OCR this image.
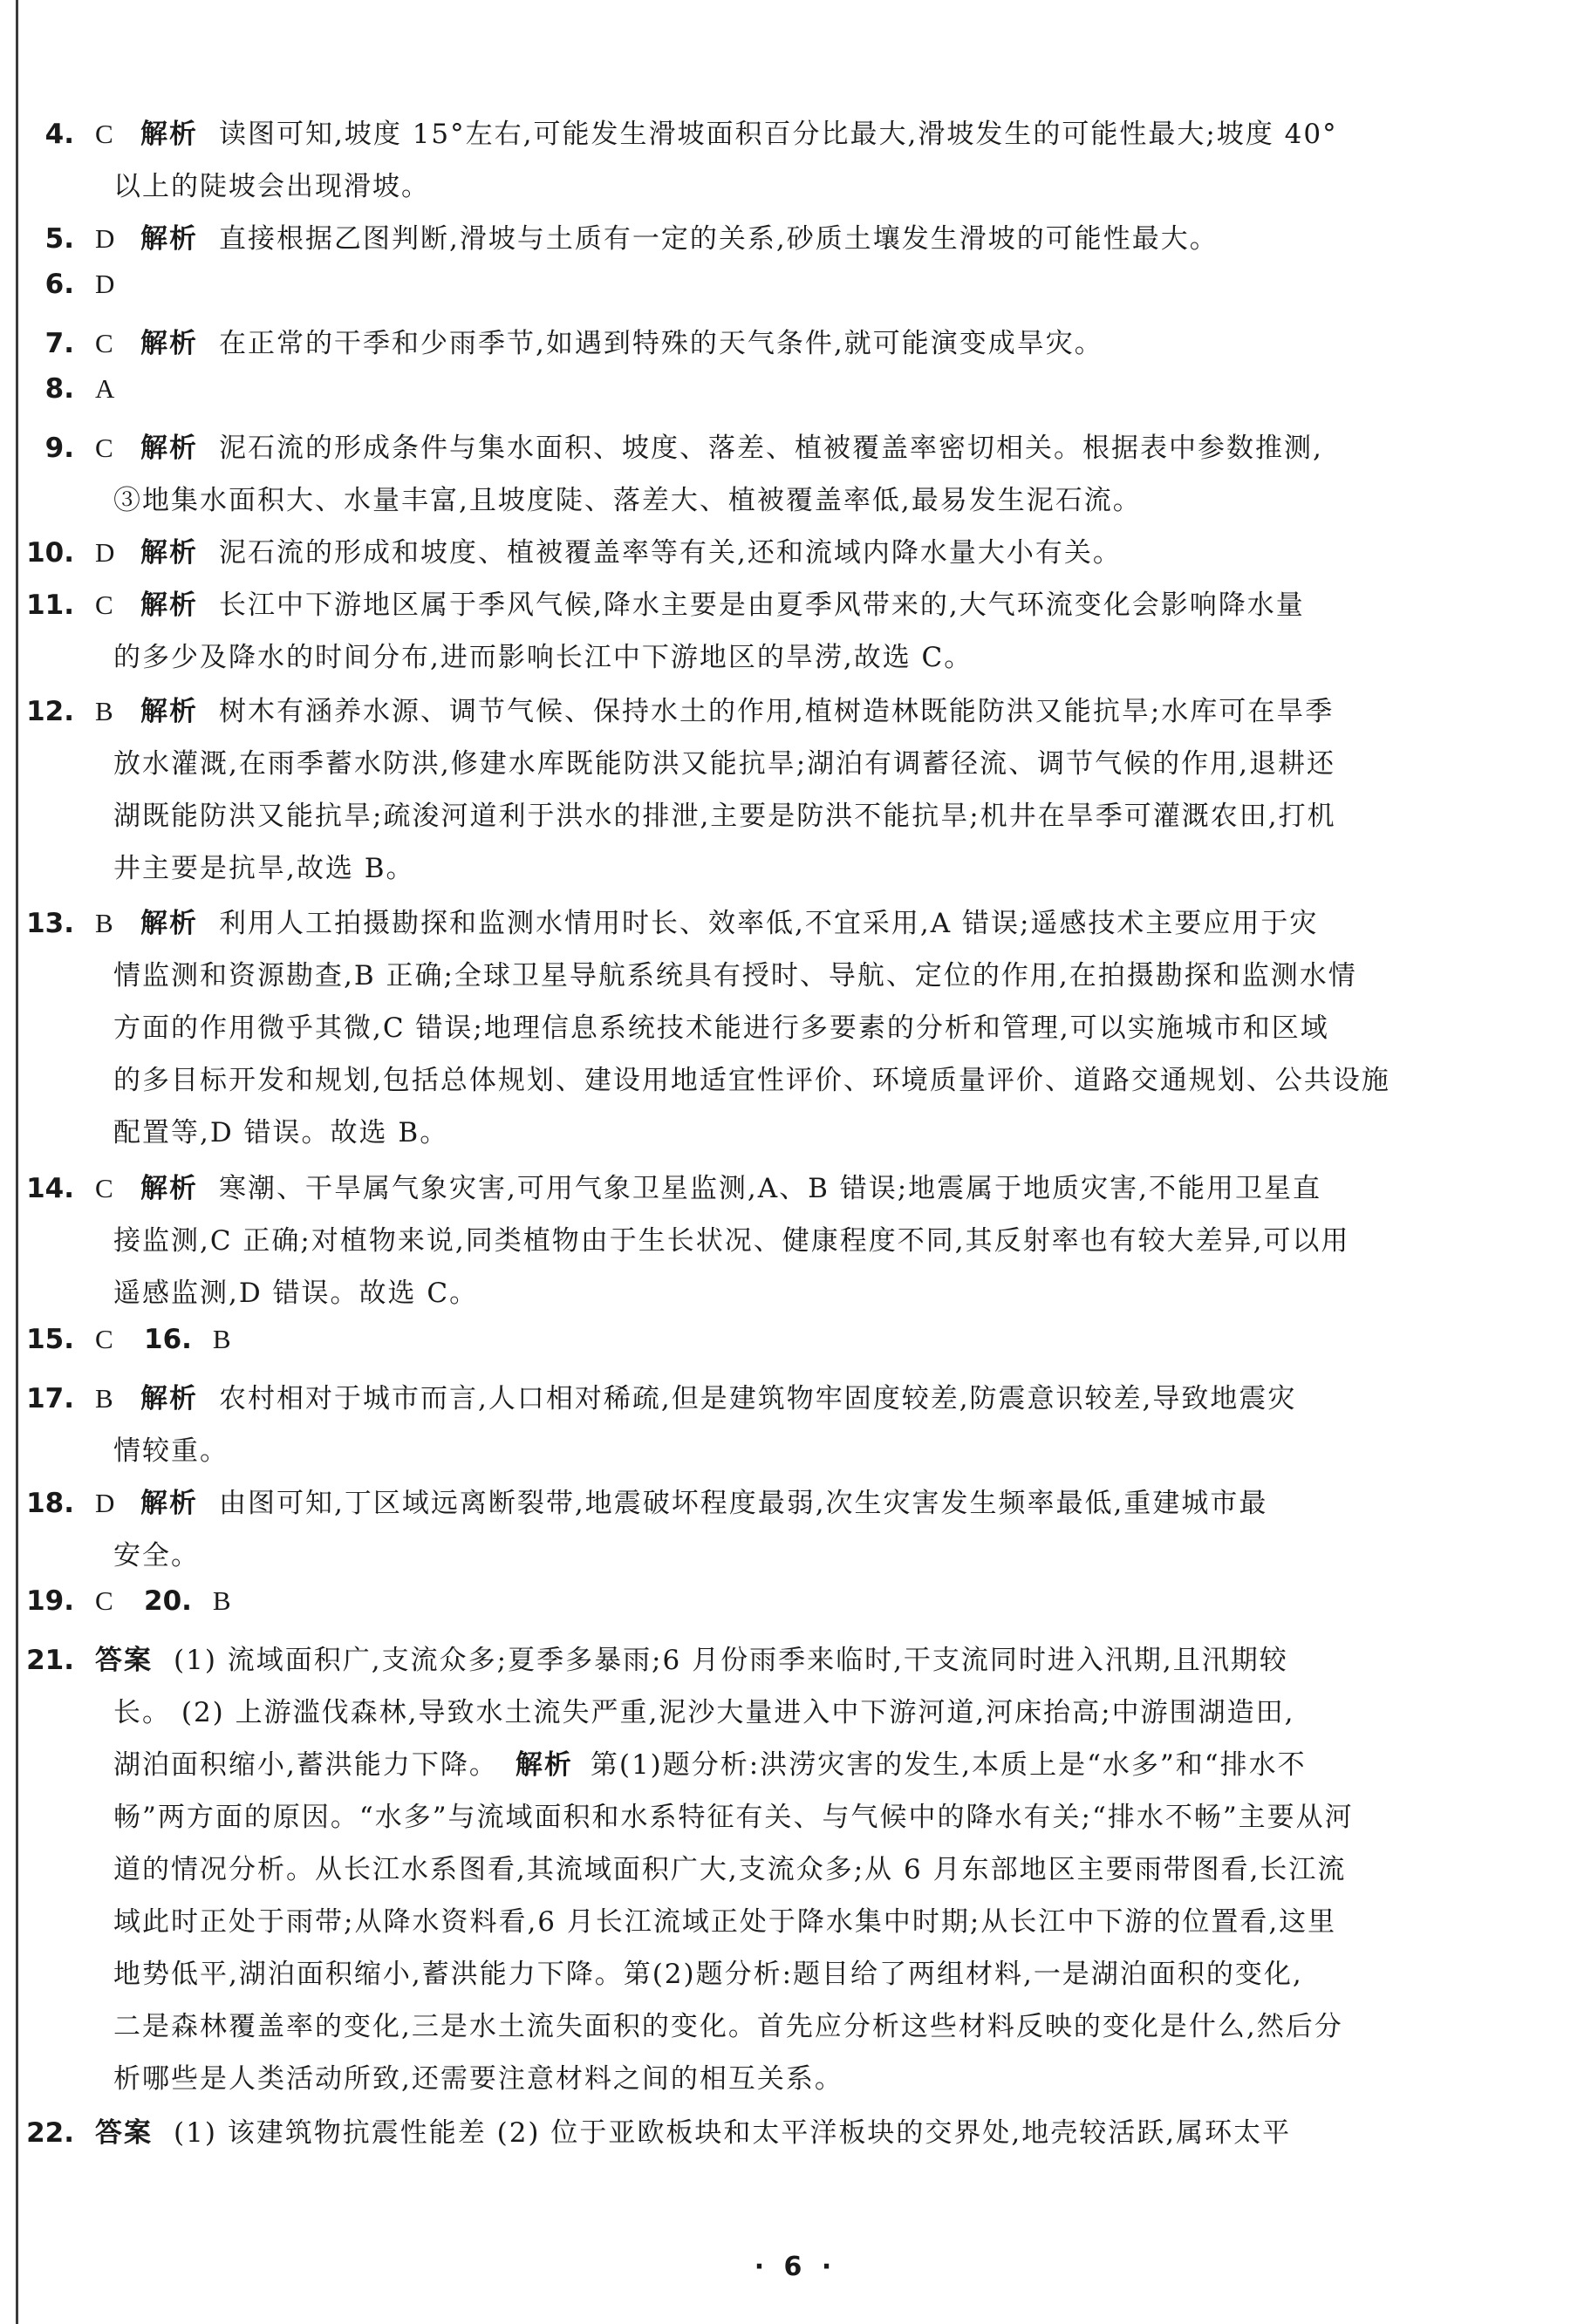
4. C 解析 读图可知,坡度 15°左右,可能发生滑坡面积百分比最大,滑坡发生的可能性最大;坡度 40°
以上的陡坡会出现滑坡。
5. D 解析 直接根据乙图判断,滑坡与土质有一定的关系,砂质土壤发生滑坡的可能性最大。
6. D
7. C 解析 在正常的干季和少雨季节,如遇到特殊的天气条件,就可能演变成旱灾。
8. A
9. C 解析 泥石流的形成条件与集水面积、坡度、落差、植被覆盖率密切相关。根据表中参数推测,
③地集水面积大、水量丰富,且坡度陡、落差大、植被覆盖率低,最易发生泥石流。
10. D 解析 泥石流的形成和坡度、植被覆盖率等有关,还和流域内降水量大小有关。
11. C 解析 长江中下游地区属于季风气候,降水主要是由夏季风带来的,大气环流变化会影响降水量
的多少及降水的时间分布,进而影响长江中下游地区的旱涝,故选 C。
12. B 解析 树木有涵养水源、调节气候、保持水土的作用,植树造林既能防洪又能抗旱;水库可在旱季
放水灌溉,在雨季蓄水防洪,修建水库既能防洪又能抗旱;湖泊有调蓄径流、调节气候的作用,退耕还
湖既能防洪又能抗旱;疏浚河道利于洪水的排泄,主要是防洪不能抗旱;机井在旱季可灌溉农田,打机
井主要是抗旱,故选 B。
13. B 解析 利用人工拍摄勘探和监测水情用时长、效率低,不宜采用,A 错误;遥感技术主要应用于灾
情监测和资源勘查,B 正确;全球卫星导航系统具有授时、导航、定位的作用,在拍摄勘探和监测水情
方面的作用微乎其微,C 错误;地理信息系统技术能进行多要素的分析和管理,可以实施城市和区域
的多目标开发和规划,包括总体规划、建设用地适宜性评价、环境质量评价、道路交通规划、公共设施
配置等,D 错误。故选 B。
14. C 解析 寒潮、干旱属气象灾害,可用气象卫星监测,A、B 错误;地震属于地质灾害,不能用卫星直
接监测,C 正确;对植物来说,同类植物由于生长状况、健康程度不同,其反射率也有较大差异,可以用
遥感监测,D 错误。故选 C。
15. C 16. B
17. B 解析 农村相对于城市而言,人口相对稀疏,但是建筑物牢固度较差,防震意识较差,导致地震灾
情较重。
18. D 解析 由图可知,丁区域远离断裂带,地震破坏程度最弱,次生灾害发生频率最低,重建城市最
安全。
19. C 20. B
21. 答案 (1) 流域面积广,支流众多;夏季多暴雨;6 月份雨季来临时,干支流同时进入汛期,且汛期较
长。 (2) 上游滥伐森林,导致水土流失严重,泥沙大量进入中下游河道,河床抬高;中游围湖造田,
湖泊面积缩小,蓄洪能力下降。 解析 第(1)题分析:洪涝灾害的发生,本质上是“水多”和“排水不
畅”两方面的原因。“水多”与流域面积和水系特征有关、与气候中的降水有关;“排水不畅”主要从河
道的情况分析。从长江水系图看,其流域面积广大,支流众多;从 6 月东部地区主要雨带图看,长江流
域此时正处于雨带;从降水资料看,6 月长江流域正处于降水集中时期;从长江中下游的位置看,这里
地势低平,湖泊面积缩小,蓄洪能力下降。第(2)题分析:题目给了两组材料,一是湖泊面积的变化,
二是森林覆盖率的变化,三是水土流失面积的变化。首先应分析这些材料反映的变化是什么,然后分
析哪些是人类活动所致,还需要注意材料之间的相互关系。
22. 答案 (1) 该建筑物抗震性能差 (2) 位于亚欧板块和太平洋板块的交界处,地壳较活跃,属环太平
· 6 ·
